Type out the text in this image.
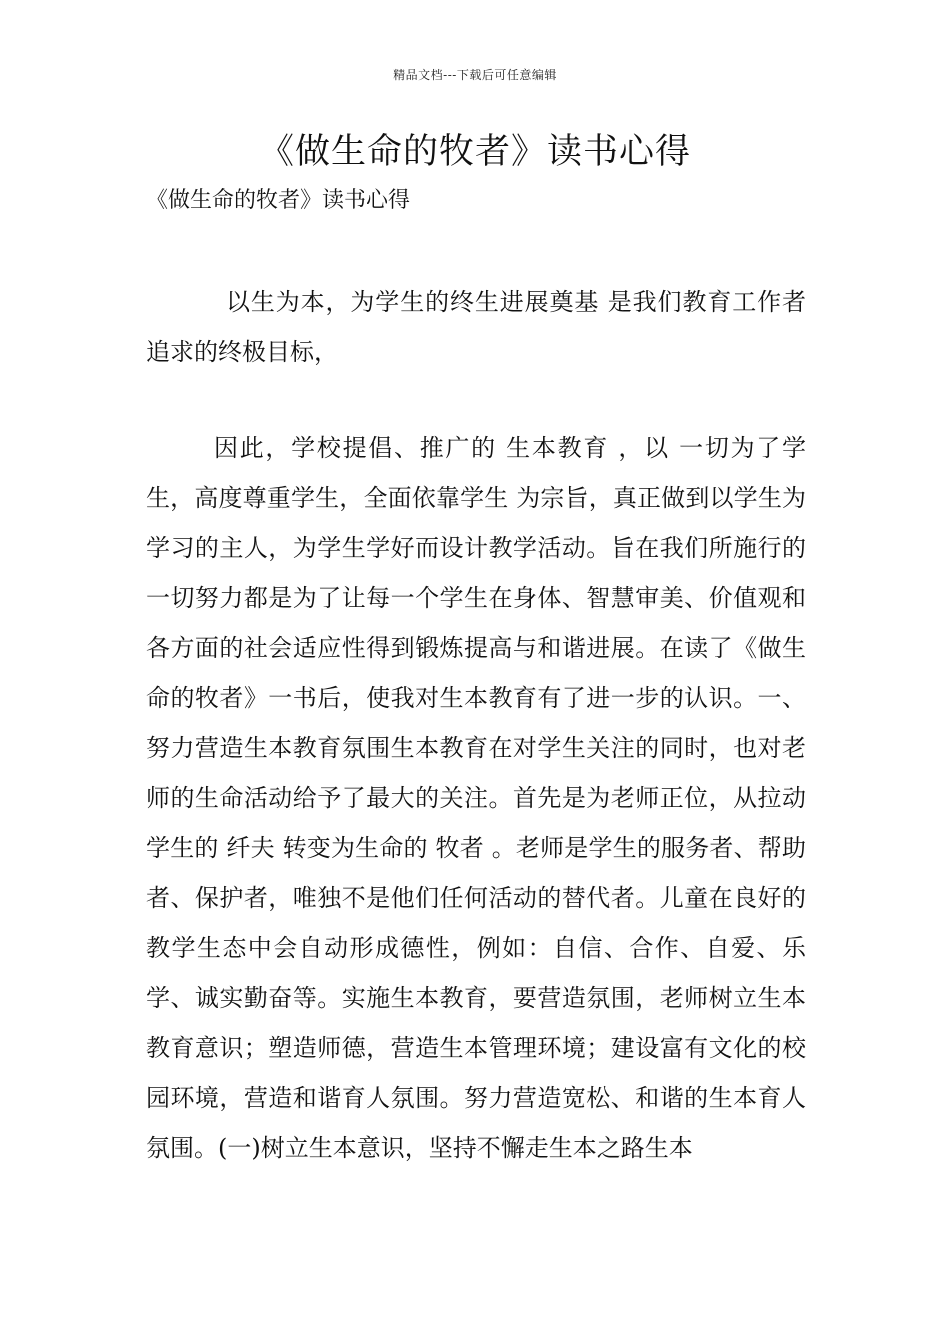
精品文档---下载后可任意编辑
《做生命的牧者》读书心得

《做生命的牧者》读书心得

以生为本，为学生的终生进展奠基 是我们教育工作者追求的终极目标，

因此，学校提倡、推广的 生本教育 ，以 一切为了学生，高度尊重学生，全面依靠学生 为宗旨，真正做到以学生为学习的主人，为学生学好而设计教学活动。旨在我们所施行的一切努力都是为了让每一个学生在身体、智慧审美、价值观和各方面的社会适应性得到锻炼提高与和谐进展。在读了《做生命的牧者》一书后，使我对生本教育有了进一步的认识。一、努力营造生本教育氛围生本教育在对学生关注的同时，也对老师的生命活动给予了最大的关注。首先是为老师正位，从拉动学生的 纤夫 转变为生命的 牧者 。老师是学生的服务者、帮助者、保护者，唯独不是他们任何活动的替代者。儿童在良好的教学生态中会自动形成德性，例如：自信、合作、自爱、乐学、诚实勤奋等。实施生本教育，要营造氛围，老师树立生本教育意识；塑造师德，营造生本管理环境；建设富有文化的校园环境，营造和谐育人氛围。努力营造宽松、和谐的生本育人氛围。(一)树立生本意识，坚持不懈走生本之路生本
